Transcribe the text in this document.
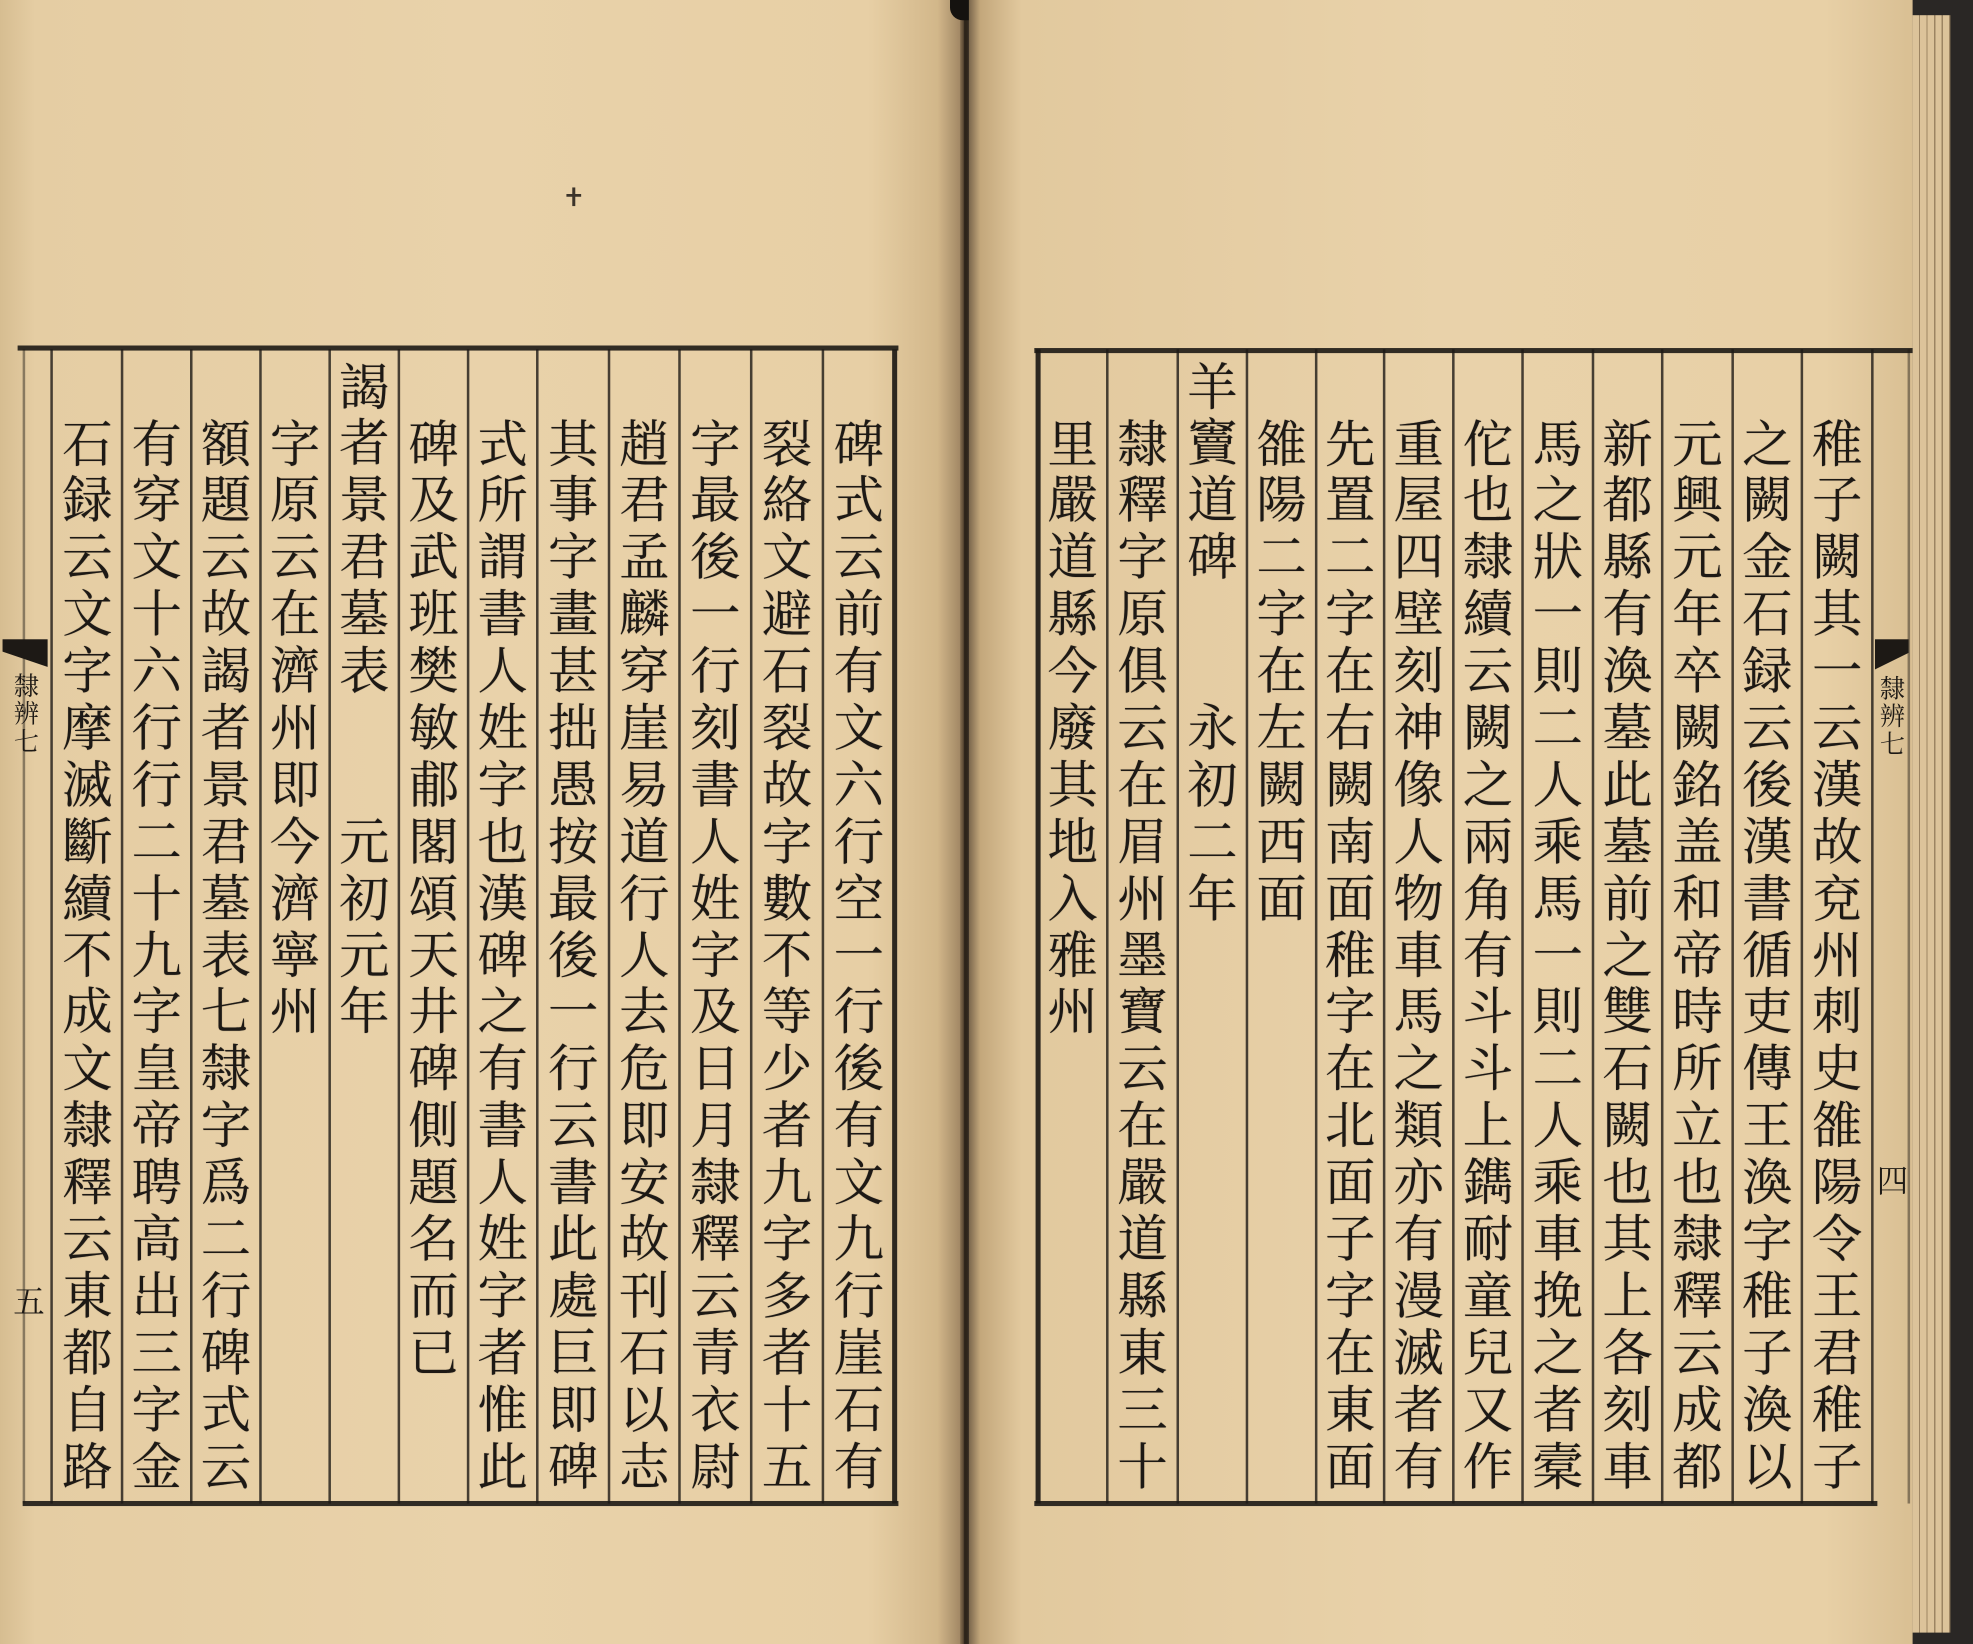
隸
辨
七
五
碑
式
云
前
有
文
六
行
空
一
行
後
有
文
九
行
崖
石
有
裂
絡
文
避
石
裂
故
字
數
不
等
少
者
九
字
多
者
十
五
字
最
後
一
行
刻
書
人
姓
字
及
日
月
隸
釋
云
青
衣
尉
趙
君
孟
麟
穿
崖
易
道
行
人
去
危
即
安
故
刊
石
以
志
其
事
字
畫
甚
拙
愚
按
最
後
一
行
云
書
此
處
巨
即
碑
式
所
謂
書
人
姓
字
也
漢
碑
之
有
書
人
姓
字
者
惟
此
碑
及
武
班
樊
敏
郙
閣
頌
天
井
碑
側
題
名
而
已
謁
者
景
君
墓
表
元
初
元
年
字
原
云
在
濟
州
即
今
濟
寧
州
額
題
云
故
謁
者
景
君
墓
表
七
隸
字
爲
二
行
碑
式
云
有
穿
文
十
六
行
行
二
十
九
字
皇
帝
聘
高
出
三
字
金
石
録
云
文
字
摩
滅
斷
續
不
成
文
隸
釋
云
東
都
自
路
隸
辨
七
四
稚
子
闕
其
一
云
漢
故
兗
州
刺
史
雒
陽
令
王
君
稚
子
之
闕
金
石
録
云
後
漢
書
循
吏
傳
王
渙
字
稚
子
渙
以
元
興
元
年
卒
闕
銘
盖
和
帝
時
所
立
也
隸
釋
云
成
都
新
都
縣
有
渙
墓
此
墓
前
之
雙
石
闕
也
其
上
各
刻
車
馬
之
狀
一
則
二
人
乘
馬
一
則
二
人
乘
車
挽
之
者
槖
佗
也
隸
續
云
闕
之
兩
角
有
斗
斗
上
鐫
耐
童
兒
又
作
重
屋
四
壁
刻
神
像
人
物
車
馬
之
類
亦
有
漫
滅
者
有
先
置
二
字
在
右
闕
南
面
稚
字
在
北
面
子
字
在
東
面
雒
陽
二
字
在
左
闕
西
面
羊
竇
道
碑
永
初
二
年
隸
釋
字
原
俱
云
在
眉
州
墨
寶
云
在
嚴
道
縣
東
三
十
里
嚴
道
縣
今
廢
其
地
入
雅
州
